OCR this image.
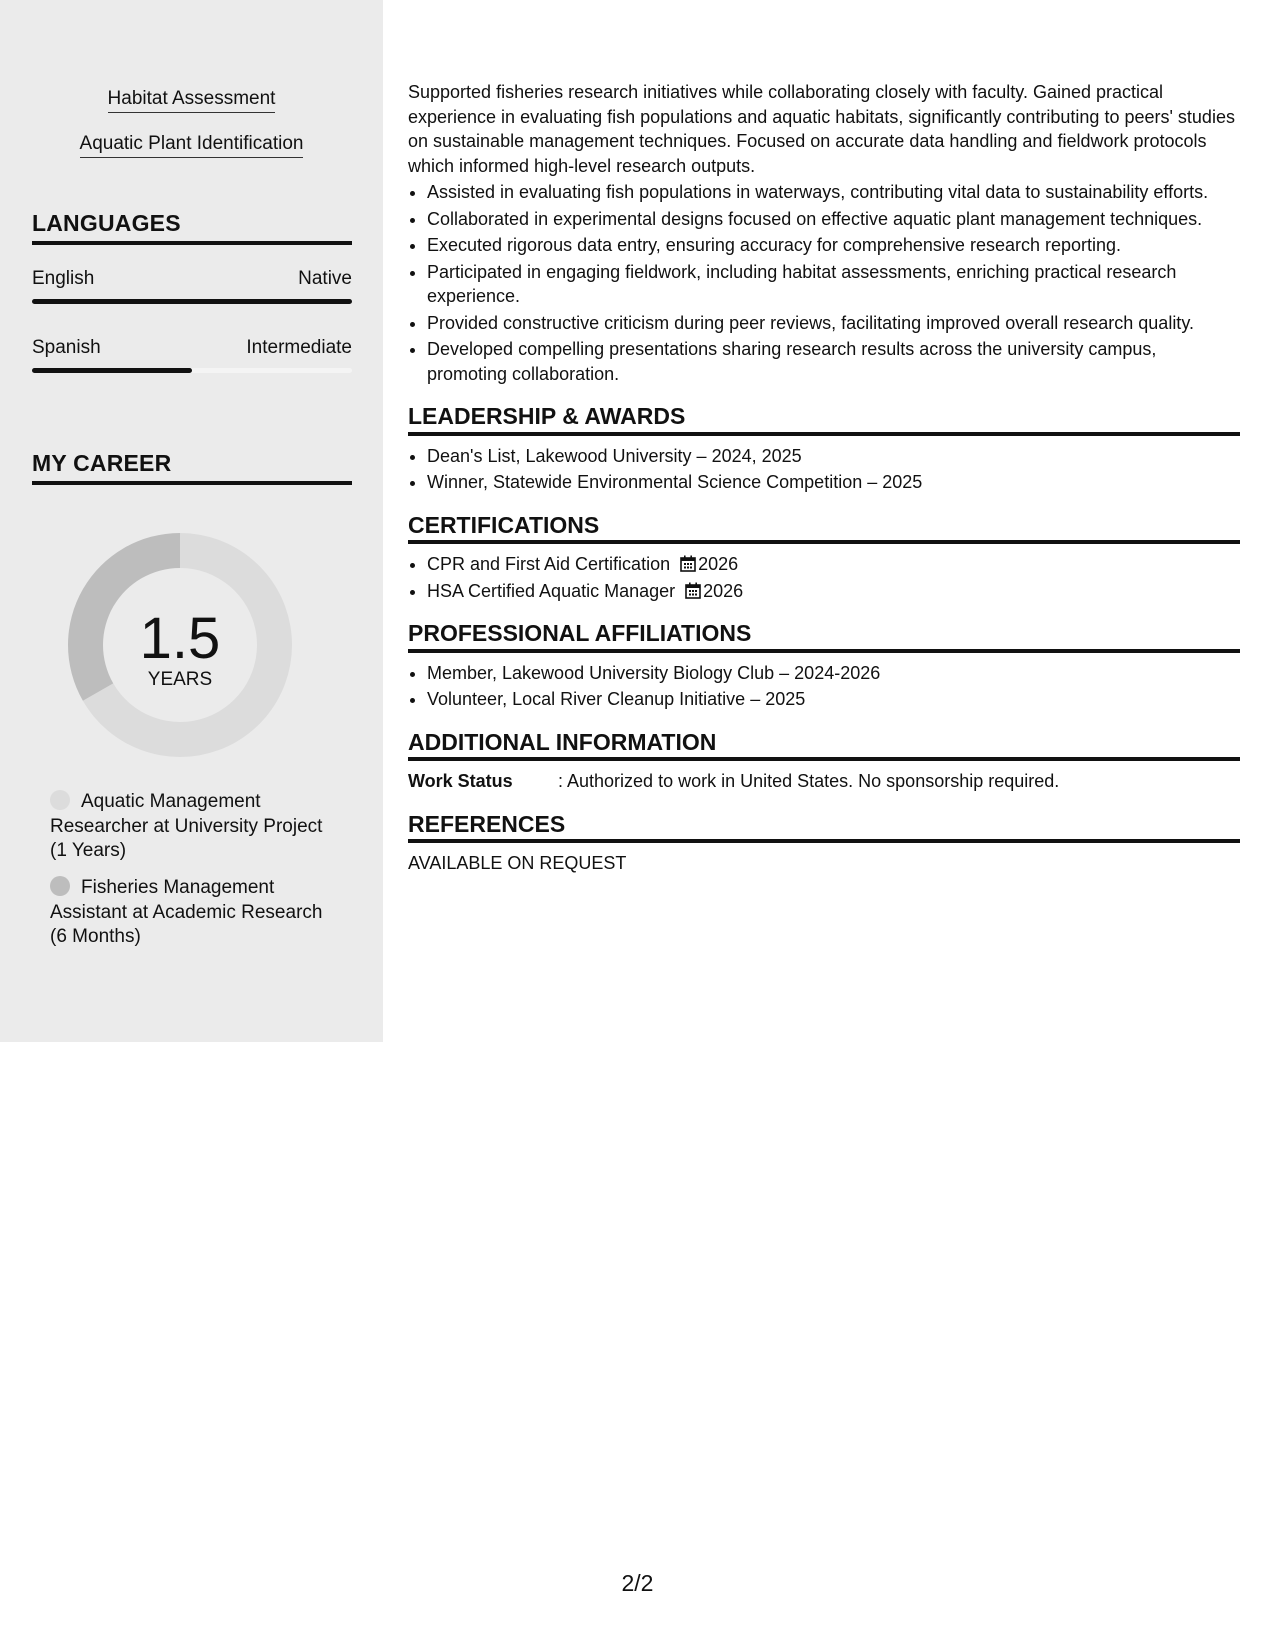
Habitat Assessment
Aquatic Plant Identification
LANGUAGES
English	Native
Spanish	Intermediate
MY CAREER
1.5
YEARS
Aquatic Management Researcher at University Project (1 Years)
Fisheries Management Assistant at Academic Research (6 Months)

Supported fisheries research initiatives while collaborating closely with faculty. Gained practical experience in evaluating fish populations and aquatic habitats, significantly contributing to peers' studies on sustainable management techniques. Focused on accurate data handling and fieldwork protocols which informed high-level research outputs.

• Assisted in evaluating fish populations in waterways, contributing vital data to sustainability efforts.
• Collaborated in experimental designs focused on effective aquatic plant management techniques.
• Executed rigorous data entry, ensuring accuracy for comprehensive research reporting.
• Participated in engaging fieldwork, including habitat assessments, enriching practical research experience.
• Provided constructive criticism during peer reviews, facilitating improved overall research quality.
• Developed compelling presentations sharing research results across the university campus, promoting collaboration.
LEADERSHIP & AWARDS
• Dean's List, Lakewood University – 2024, 2025
• Winner, Statewide Environmental Science Competition – 2025
CERTIFICATIONS
• CPR and First Aid Certification 2026
• HSA Certified Aquatic Manager 2026
PROFESSIONAL AFFILIATIONS
• Member, Lakewood University Biology Club – 2024-2026
• Volunteer, Local River Cleanup Initiative – 2025
ADDITIONAL INFORMATION
Work Status	: Authorized to work in United States. No sponsorship required.
REFERENCES
AVAILABLE ON REQUEST
2/2
